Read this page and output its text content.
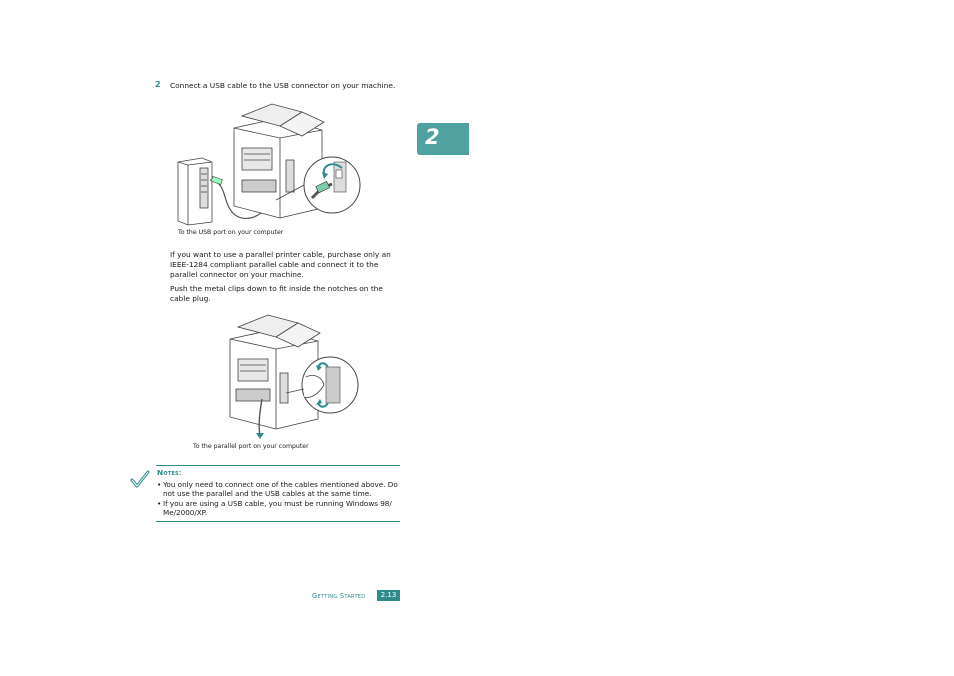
2 Connect a USB cable to the USB connector on your machine.
To the USB port on your computer
If you want to use a parallel printer cable, purchase only an IEEE-1284 compliant parallel cable and connect it to the parallel connector on your machine.
Push the metal clips down to fit inside the notches on the cable plug.
To the parallel port on your computer
Notes:
• You only need to connect one of the cables mentioned above. Do not use the parallel and the USB cables at the same time.
• If you are using a USB cable, you must be running Windows 98/ Me/2000/XP.
2
Getting Started	2.13
